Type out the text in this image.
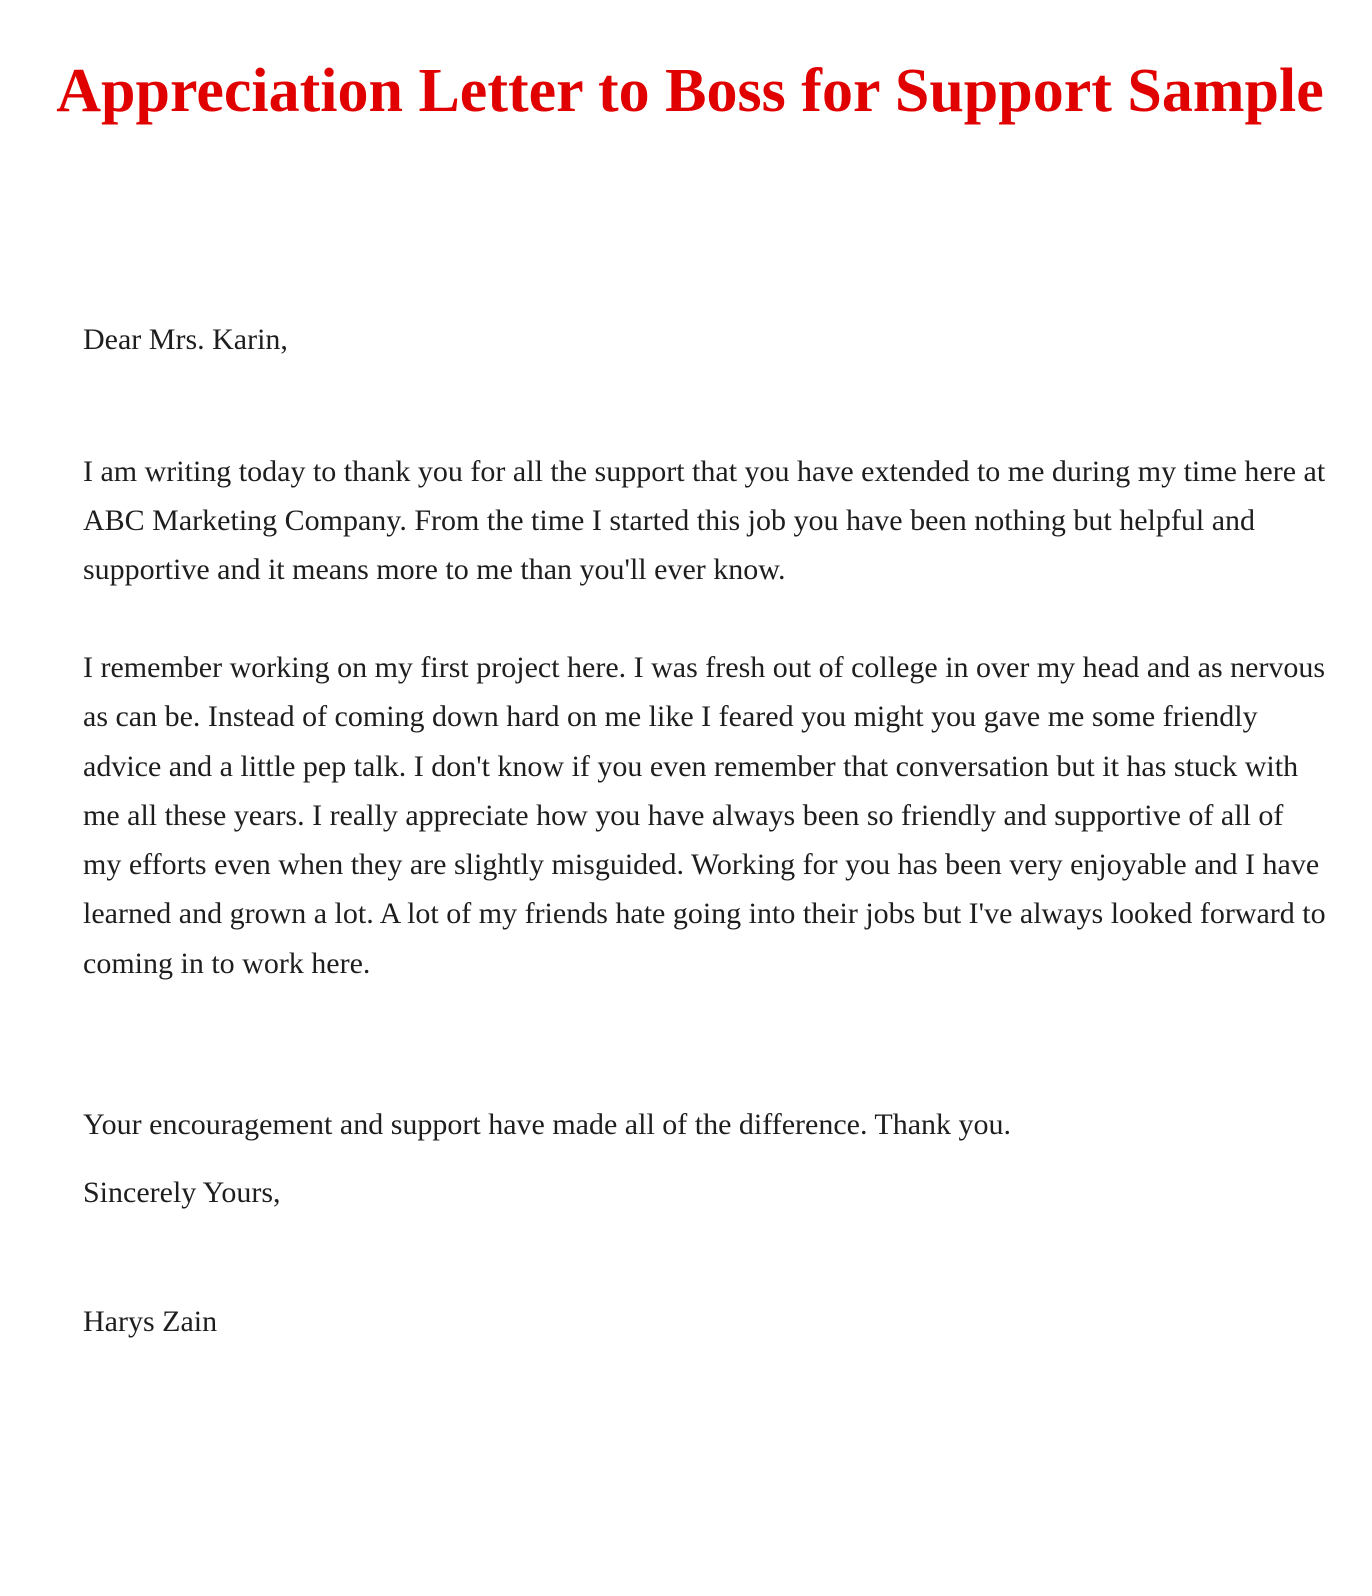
Appreciation Letter to Boss for Support Sample

Dear Mrs. Karin,

I am writing today to thank you for all the support that you have extended to me during my time here at ABC Marketing Company. From the time I started this job you have been nothing but helpful and supportive and it means more to me than you'll ever know.

I remember working on my first project here. I was fresh out of college in over my head and as nervous as can be. Instead of coming down hard on me like I feared you might you gave me some friendly advice and a little pep talk. I don't know if you even remember that conversation but it has stuck with me all these years. I really appreciate how you have always been so friendly and supportive of all of my efforts even when they are slightly misguided. Working for you has been very enjoyable and I have learned and grown a lot. A lot of my friends hate going into their jobs but I've always looked forward to coming in to work here.

Your encouragement and support have made all of the difference. Thank you.

Sincerely Yours,

Harys Zain
